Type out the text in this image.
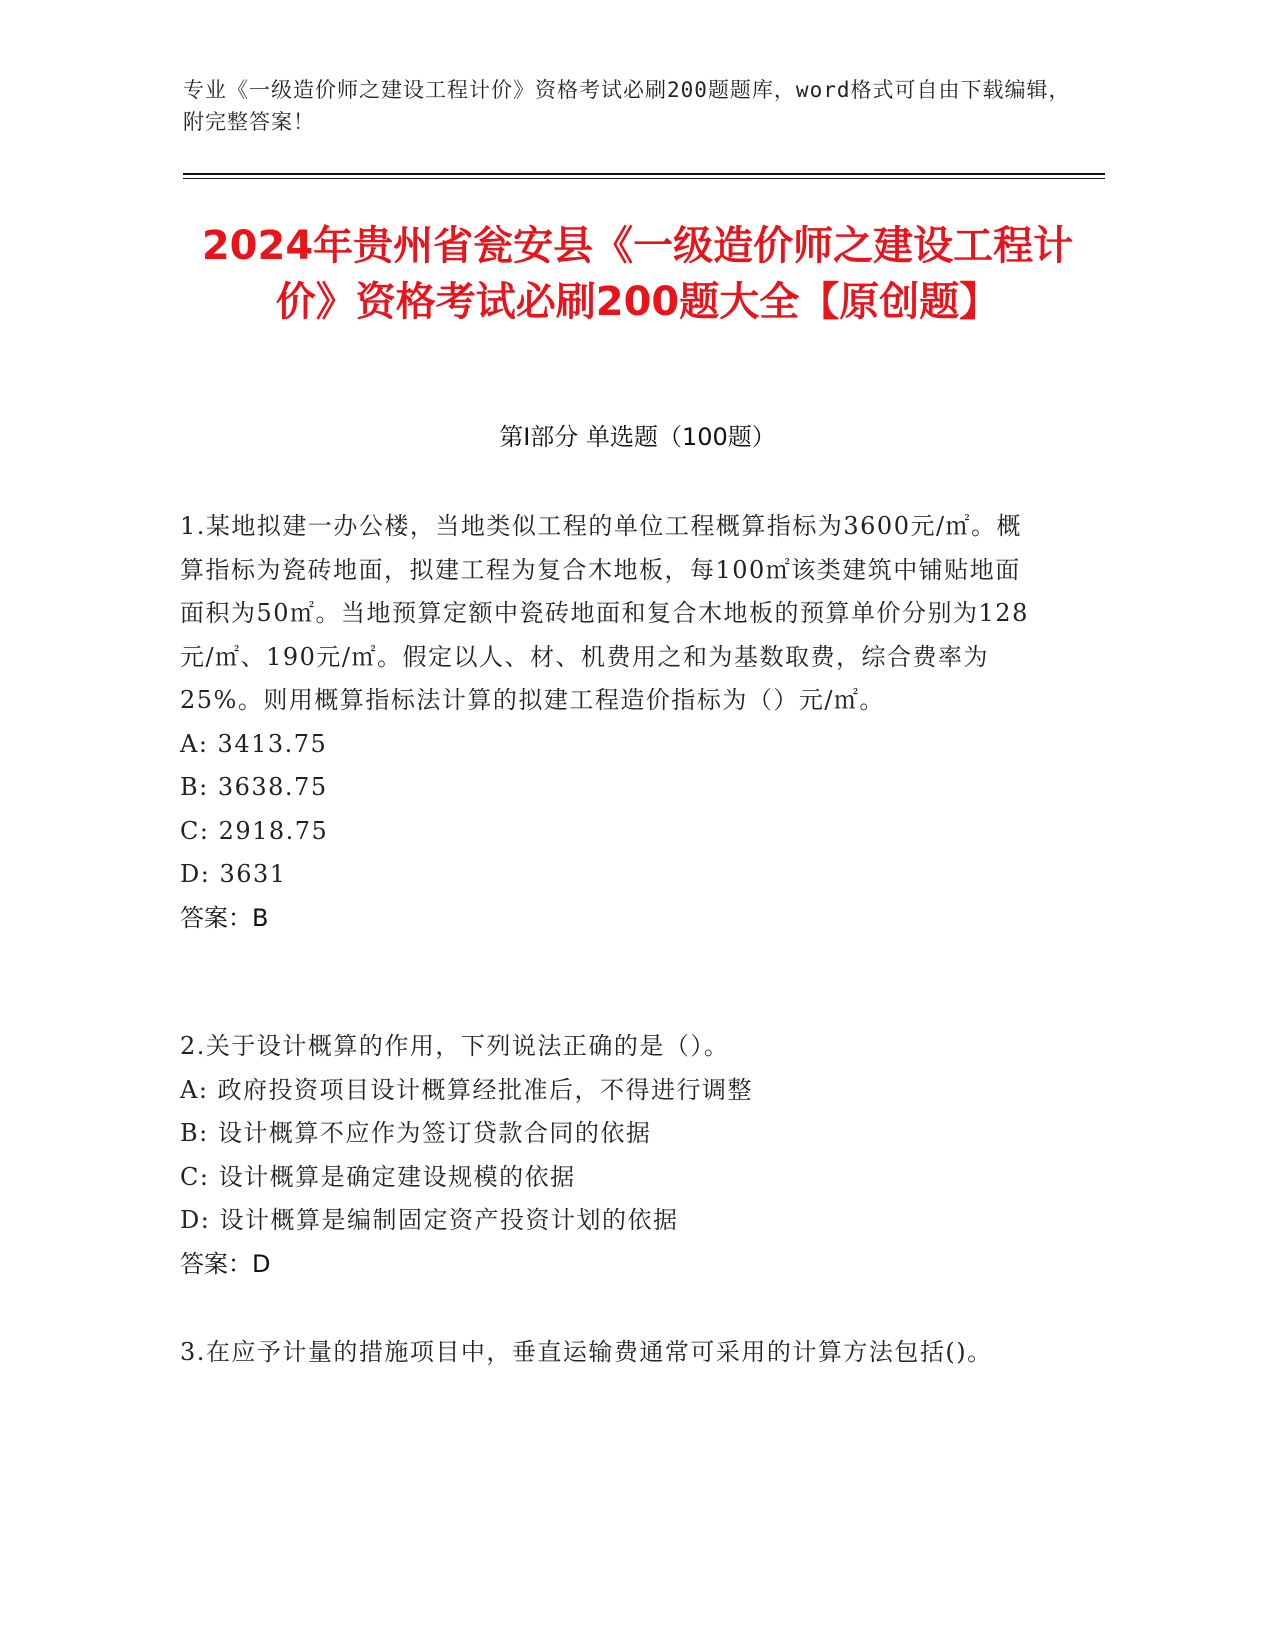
专业《一级造价师之建设工程计价》资格考试必刷200题题库，word格式可自由下载编辑，附完整答案！
2024年贵州省瓮安县《一级造价师之建设工程计价》资格考试必刷200题大全【原创题】
第I部分 单选题（100题）

1.某地拟建一办公楼，当地类似工程的单位工程概算指标为3600元/㎡。概算指标为瓷砖地面，拟建工程为复合木地板，每100㎡该类建筑中铺贴地面面积为50㎡。当地预算定额中瓷砖地面和复合木地板的预算单价分别为128元/㎡、190元/㎡。假定以人、材、机费用之和为基数取费，综合费率为25%。则用概算指标法计算的拟建工程造价指标为（）元/㎡。

A: 3413.75

B: 3638.75

C: 2918.75

D: 3631

答案：B

2.关于设计概算的作用，下列说法正确的是（）。

A: 政府投资项目设计概算经批准后，不得进行调整

B: 设计概算不应作为签订贷款合同的依据

C: 设计概算是确定建设规模的依据

D: 设计概算是编制固定资产投资计划的依据

答案：D

3.在应予计量的措施项目中，垂直运输费通常可采用的计算方法包括()。
